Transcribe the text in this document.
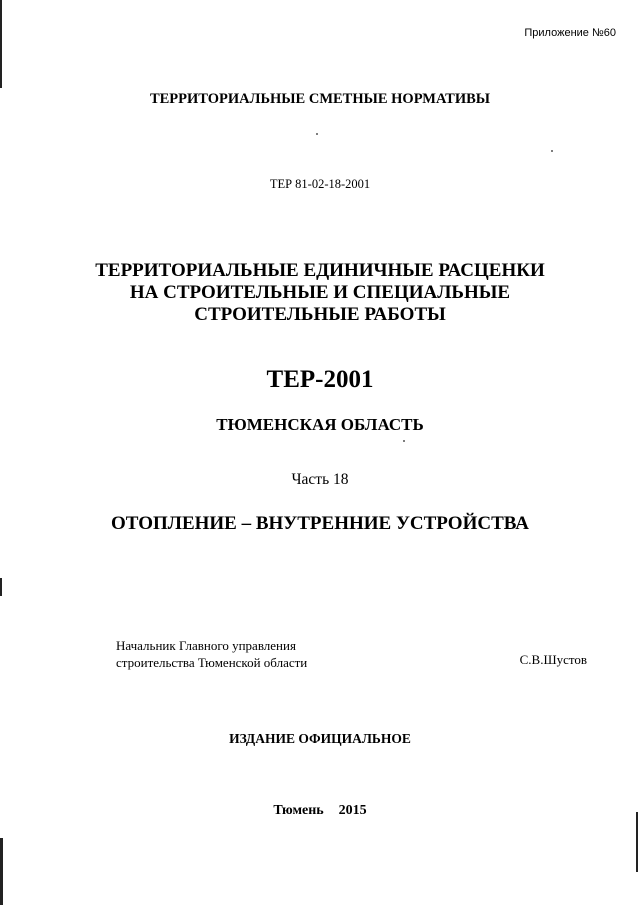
Приложение №60
ТЕРРИТОРИАЛЬНЫЕ СМЕТНЫЕ НОРМАТИВЫ
ТЕР 81-02-18-2001
ТЕРРИТОРИАЛЬНЫЕ ЕДИНИЧНЫЕ РАСЦЕНКИ
НА СТРОИТЕЛЬНЫЕ И СПЕЦИАЛЬНЫЕ
СТРОИТЕЛЬНЫЕ РАБОТЫ
ТЕР-2001
ТЮМЕНСКАЯ ОБЛАСТЬ
Часть 18
ОТОПЛЕНИЕ – ВНУТРЕННИЕ УСТРОЙСТВА
Начальник Главного управления
строительства Тюменской области	С.В.Шустов
ИЗДАНИЕ ОФИЦИАЛЬНОЕ
Тюмень  2015
